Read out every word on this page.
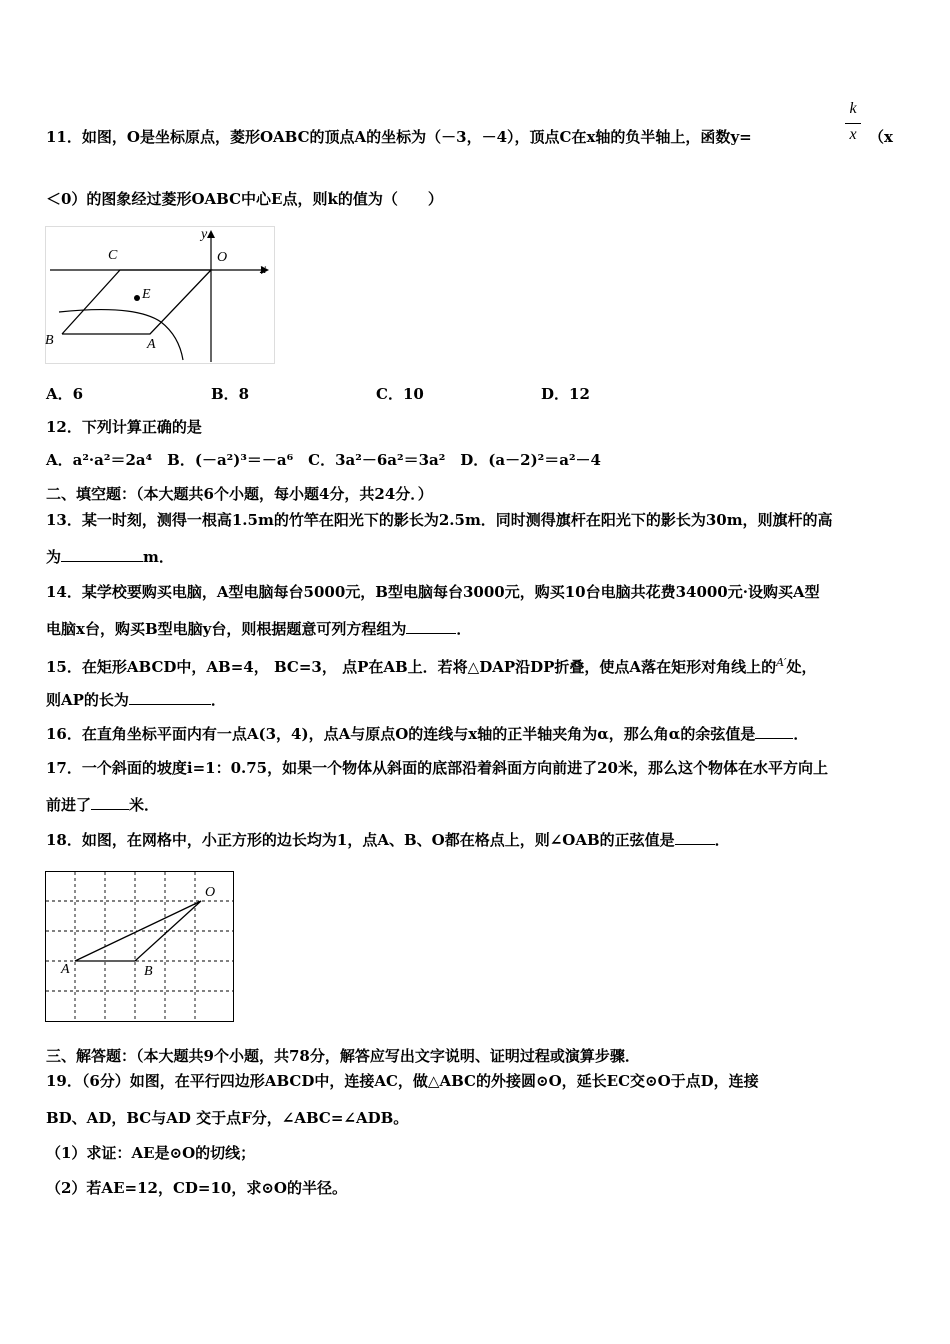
11．如图，O是坐标原点，菱形OABC的顶点A的坐标为（－3，－4），顶点C在x轴的负半轴上，函数y=
k
x （x
＜0）的图象经过菱形OABC中心E点，则k的值为（　　）
y
O
x
C
E
B	A
A．6	B．8	C．10	D．12
12．下列计算正确的是
A．a²·a²＝2a⁴　B．(－a²)³＝－a⁶　C．3a²－6a²＝3a²　D．(a－2)²＝a²－4
二、填空题：（本大题共6个小题，每小题4分，共24分．）
13．某一时刻，测得一根高1.5m的竹竿在阳光下的影长为2.5m．同时测得旗杆在阳光下的影长为30m，则旗杆的高
为	m．
14．某学校要购买电脑，A型电脑每台5000元，B型电脑每台3000元，购买10台电脑共花费34000元·设购买A型
电脑x台，购买B型电脑y台，则根据题意可列方程组为	．
15．在矩形ABCD中，AB=4， BC=3， 点P在AB上．若将△DAP沿DP折叠，使点A落在矩形对角线上的$^{A'}$处，
则AP的长为	．
16．在直角坐标平面内有一点A(3，4)，点A与原点O的连线与x轴的正半轴夹角为α，那么角α的余弦值是	．
17．一个斜面的坡度i=1：0.75，如果一个物体从斜面的底部沿着斜面方向前进了20米，那么这个物体在水平方向上
前进了	米．
18．如图，在网格中，小正方形的边长均为1，点A、B、O都在格点上，则∠OAB的正弦值是	．
O
A	B
三、解答题：（本大题共9个小题，共78分，解答应写出文字说明、证明过程或演算步骤．
19．（6分）如图，在平行四边形ABCD中，连接AC，做△ABC的外接圆⊙O，延长EC交⊙O于点D，连接
BD、AD，BC与AD 交于点F分，∠ABC=∠ADB。
（1）求证：AE是⊙O的切线；
（2）若AE=12，CD=10，求⊙O的半径。
